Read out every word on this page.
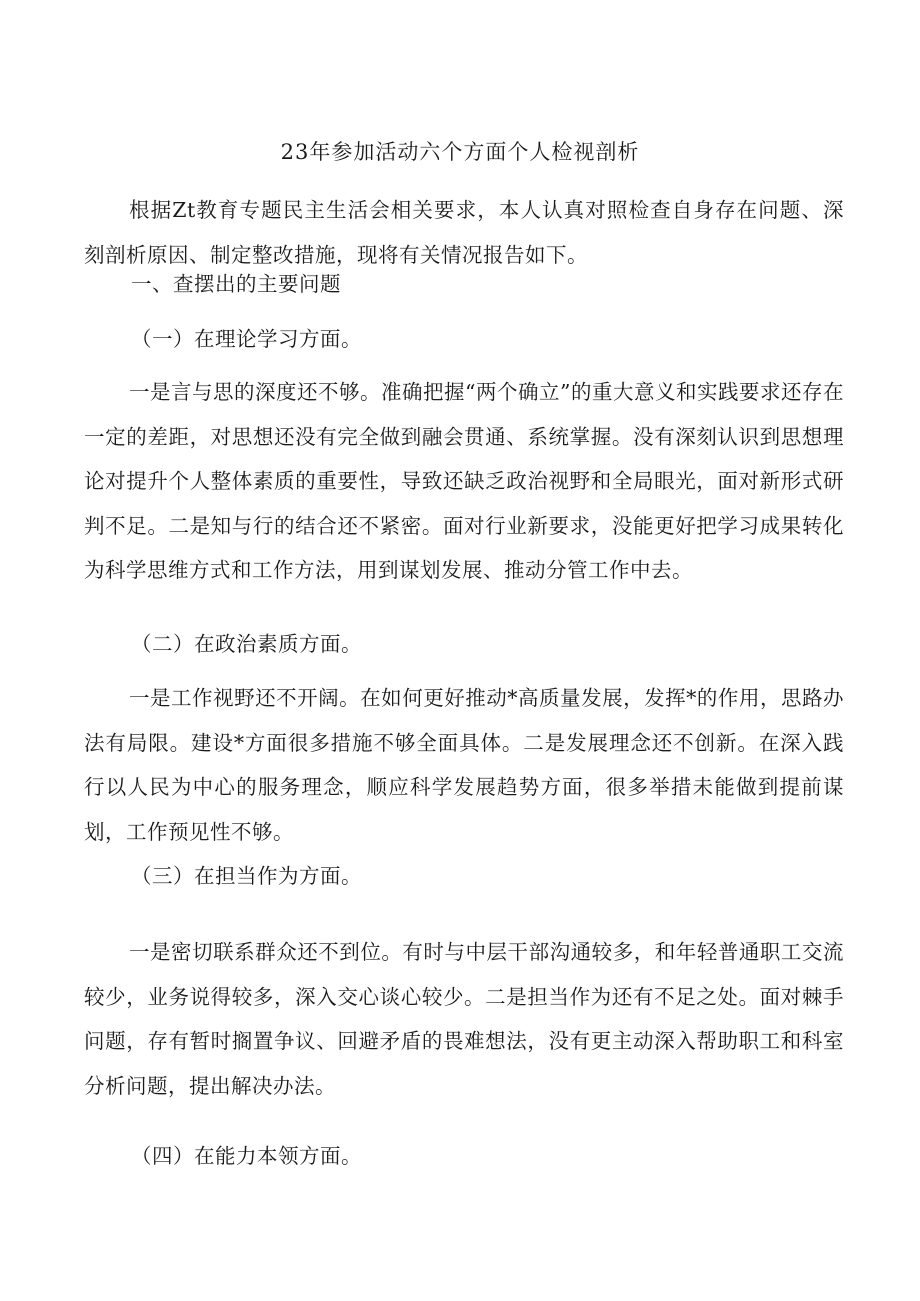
23年参加活动六个方面个人检视剖析
根据Zt教育专题民主生活会相关要求，本人认真对照检查自身存在问题、深刻剖析原因、制定整改措施，现将有关情况报告如下。
一、查摆出的主要问题
（一）在理论学习方面。
一是言与思的深度还不够。准确把握“两个确立”的重大意义和实践要求还存在一定的差距，对思想还没有完全做到融会贯通、系统掌握。没有深刻认识到思想理论对提升个人整体素质的重要性，导致还缺乏政治视野和全局眼光，面对新形式研判不足。二是知与行的结合还不紧密。面对行业新要求，没能更好把学习成果转化为科学思维方式和工作方法，用到谋划发展、推动分管工作中去。
（二）在政治素质方面。
一是工作视野还不开阔。在如何更好推动*高质量发展，发挥*的作用，思路办法有局限。建设*方面很多措施不够全面具体。二是发展理念还不创新。在深入践行以人民为中心的服务理念，顺应科学发展趋势方面，很多举措未能做到提前谋划，工作预见性不够。
（三）在担当作为方面。
一是密切联系群众还不到位。有时与中层干部沟通较多，和年轻普通职工交流较少，业务说得较多，深入交心谈心较少。二是担当作为还有不足之处。面对棘手问题，存有暂时搁置争议、回避矛盾的畏难想法，没有更主动深入帮助职工和科室分析问题，提出解决办法。
（四）在能力本领方面。
